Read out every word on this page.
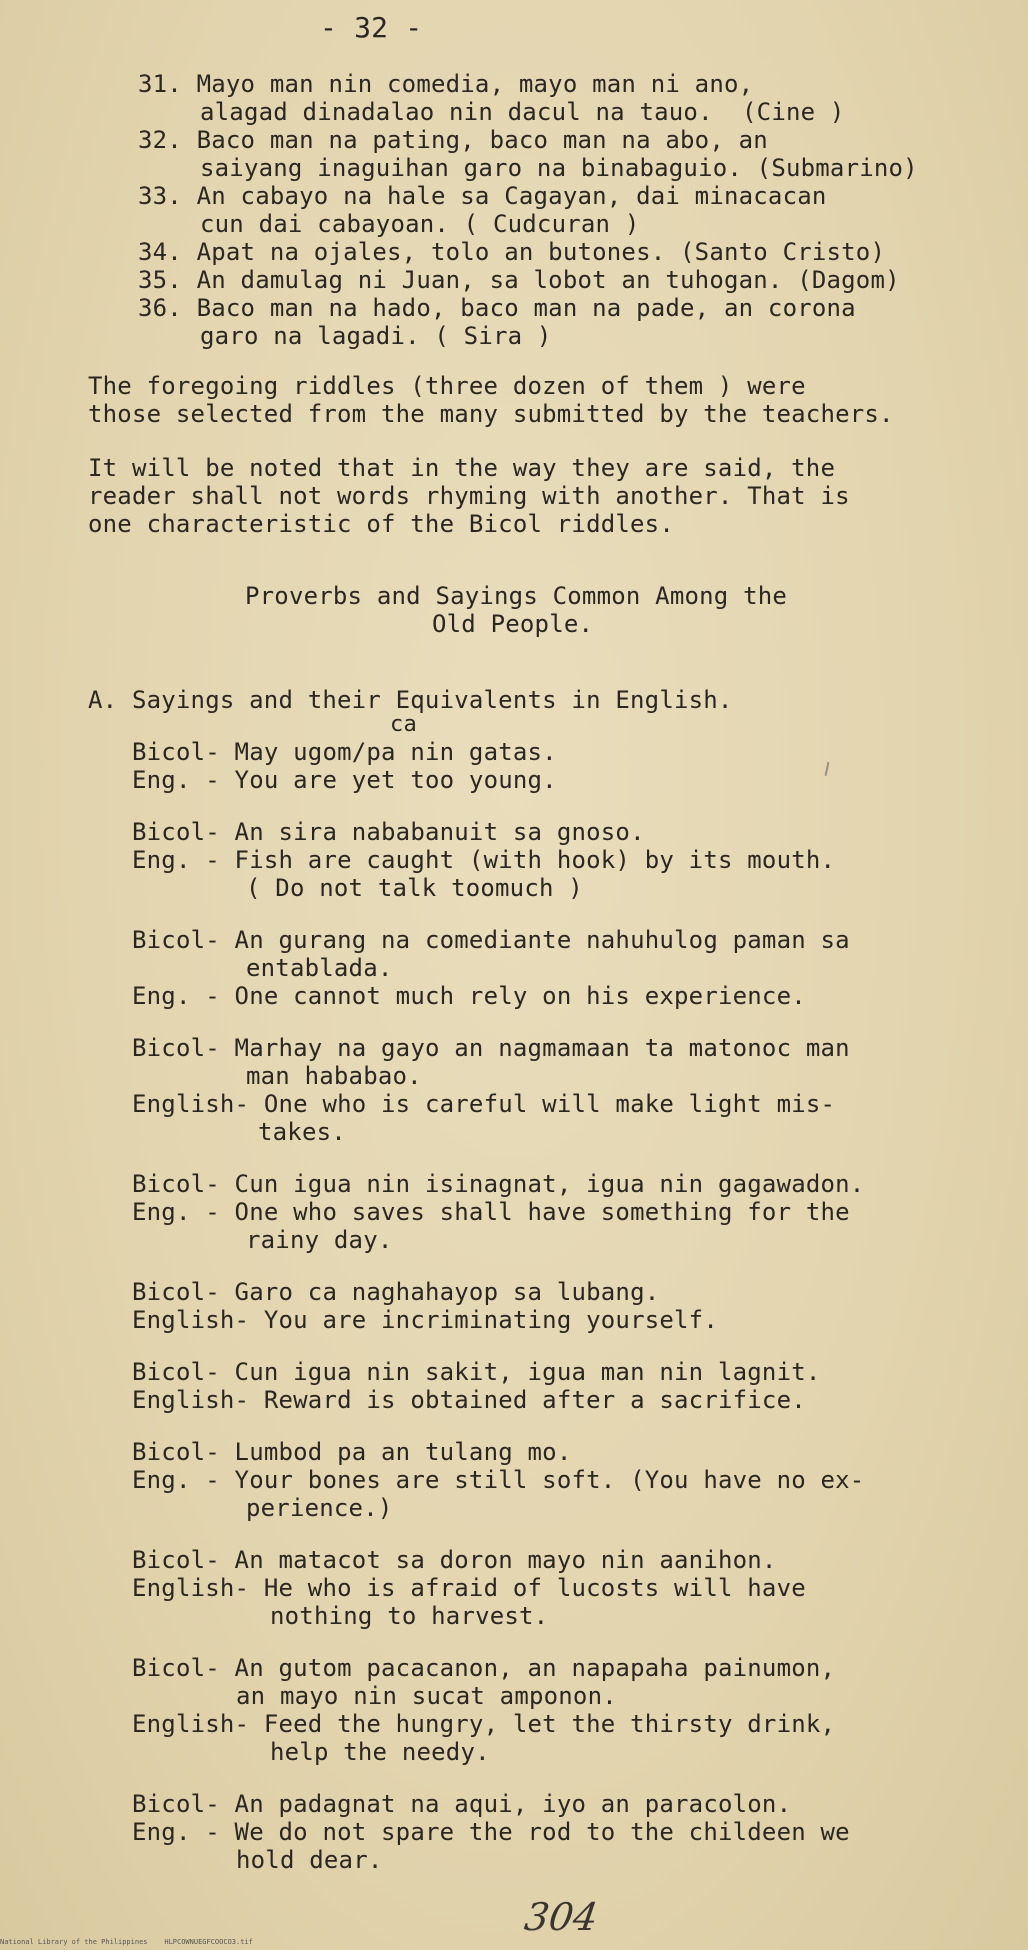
- 32 -
31. Mayo man nin comedia, mayo man ni ano,
alagad dinadalao nin dacul na tauo.  (Cine )
32. Baco man na pating, baco man na abo, an
saiyang inaguihan garo na binabaguio. (Submarino)
33. An cabayo na hale sa Cagayan, dai minacacan
cun dai cabayoan. ( Cudcuran )
34. Apat na ojales, tolo an butones. (Santo Cristo)
35. An damulag ni Juan, sa lobot an tuhogan. (Dagom)
36. Baco man na hado, baco man na pade, an corona
garo na lagadi. ( Sira )
The foregoing riddles (three dozen of them ) were
those selected from the many submitted by the teachers.
It will be noted that in the way they are said, the
reader shall not words rhyming with another. That is
one characteristic of the Bicol riddles.
Proverbs and Sayings Common Among the
Old People.
A. Sayings and their Equivalents in English.
ca
Bicol- May ugom/pa nin gatas.
Eng. - You are yet too young.
Bicol- An sira nababanuit sa gnoso.
Eng. - Fish are caught (with hook) by its mouth.
( Do not talk toomuch )
Bicol- An gurang na comediante nahuhulog paman sa
entablada.
Eng. - One cannot much rely on his experience.
Bicol- Marhay na gayo an nagmamaan ta matonoc man
man hababao.
English- One who is careful will make light mis-
takes.
Bicol- Cun igua nin isinagnat, igua nin gagawadon.
Eng. - One who saves shall have something for the
rainy day.
Bicol- Garo ca naghahayop sa lubang.
English- You are incriminating yourself.
Bicol- Cun igua nin sakit, igua man nin lagnit.
English- Reward is obtained after a sacrifice.
Bicol- Lumbod pa an tulang mo.
Eng. - Your bones are still soft. (You have no ex-
perience.)
Bicol- An matacot sa doron mayo nin aanihon.
English- He who is afraid of lucosts will have
nothing to harvest.
Bicol- An gutom pacacanon, an napapaha painumon,
an mayo nin sucat amponon.
English- Feed the hungry, let the thirsty drink,
help the needy.
Bicol- An padagnat na aqui, iyo an paracolon.
Eng. - We do not spare the rod to the childeen we
hold dear.
304
National Library of the Philippines    HLPCOWNUEGFCOOCO3.tif
